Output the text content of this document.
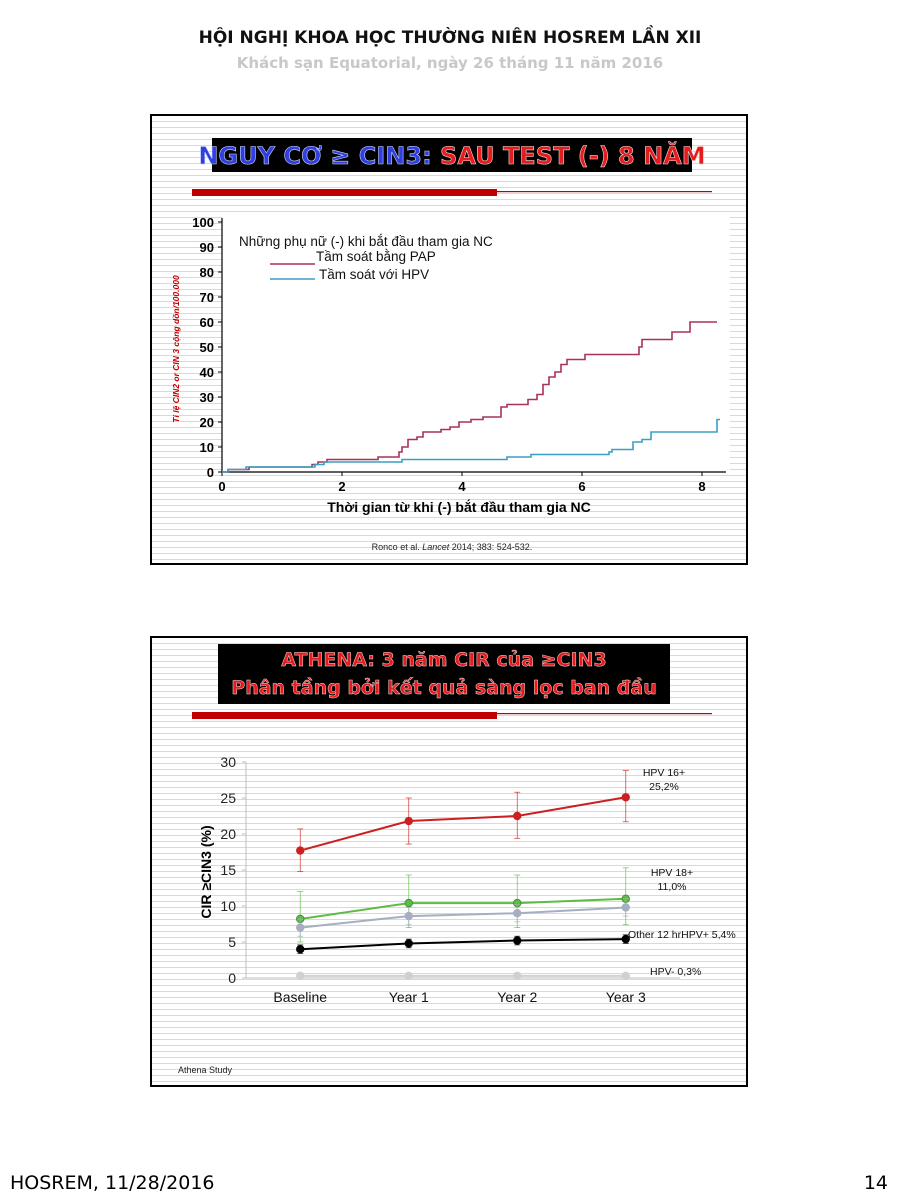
HỘI NGHỊ KHOA HỌC THƯỜNG NIÊN HOSREM LẦN XII
Khách sạn Equatorial, ngày 26 tháng 11 năm 2016
NGUY CƠ ≥ CIN3: SAU TEST (-) 8 NĂM
0
10
20
30
40
50
60
70
80
90
100
0	2	4	6	8
Thời gian từ khi (-) bắt đầu tham gia NC
Tỉ lệ CIN2 or CIN 3 cộng dồn/100.000
Những phụ nữ (-) khi bắt đầu tham gia NC
Tầm soát bằng PAP
Tầm soát với HPV
Ronco et al. Lancet 2014; 383: 524-532.
ATHENA: 3 năm CIR của ≥CIN3
Phân tầng bởi kết quả sàng lọc ban đầu
0
5
10
15
20
25
30
Baseline	Year 1	Year 2	Year 3
CIR ≥CIN3 (%)
HPV 16+
25,2%
HPV 18+
11,0%
Other 12 hrHPV+ 5,4%
HPV- 0,3%
Athena Study
HOSREM, 11/28/2016	14
